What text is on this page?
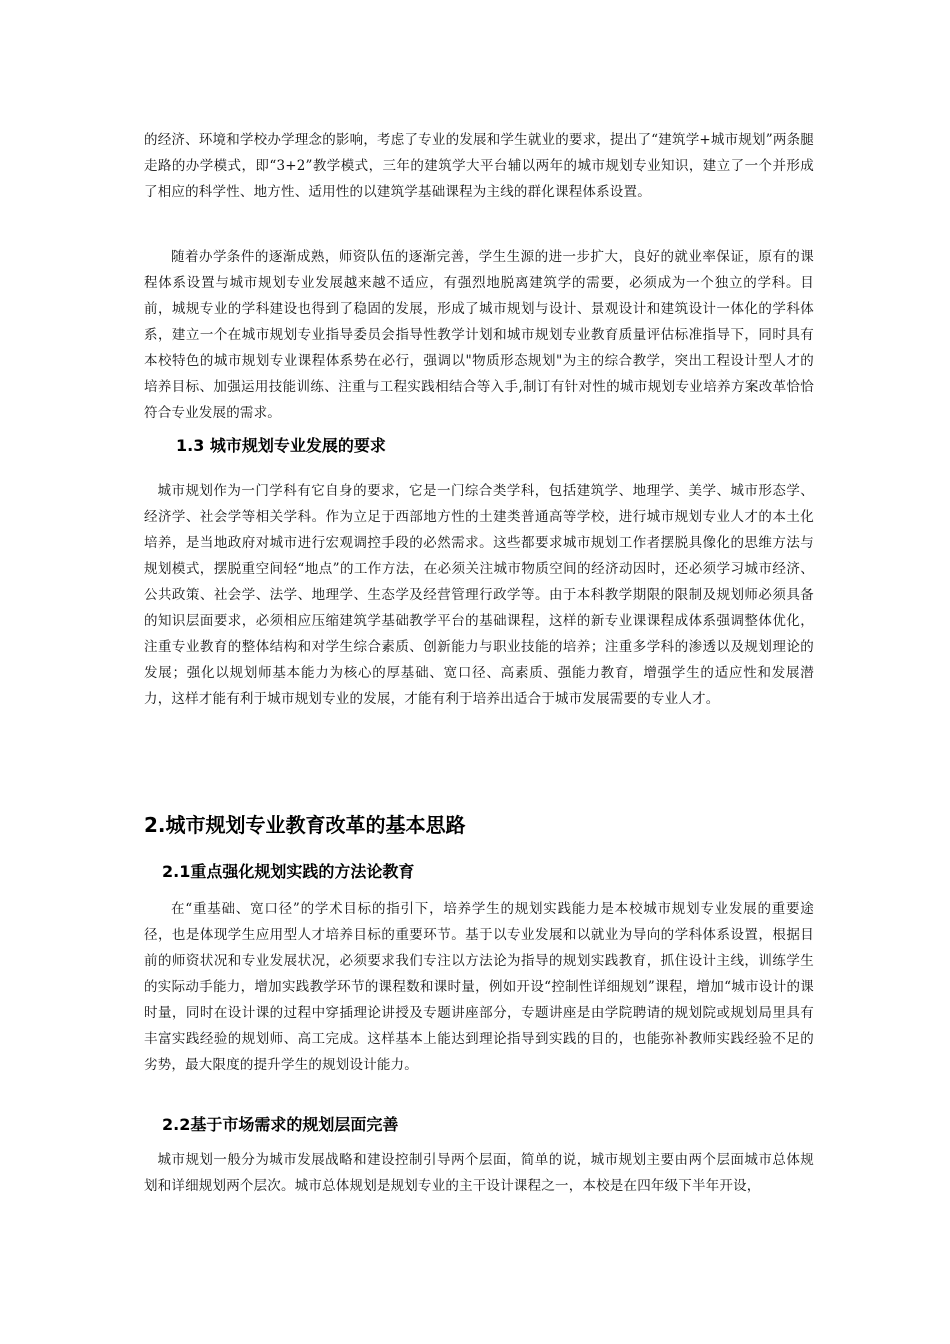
的经济、环境和学校办学理念的影响，考虑了专业的发展和学生就业的要求，提出了“建筑学+城市规划”两条腿走路的办学模式，即“3+2”教学模式，三年的建筑学大平台辅以两年的城市规划专业知识，建立了一个并形成了相应的科学性、地方性、适用性的以建筑学基础课程为主线的群化课程体系设置。

随着办学条件的逐渐成熟，师资队伍的逐渐完善，学生生源的进一步扩大，良好的就业率保证，原有的课程体系设置与城市规划专业发展越来越不适应，有强烈地脱离建筑学的需要，必须成为一个独立的学科。目前，城规专业的学科建设也得到了稳固的发展，形成了城市规划与设计、景观设计和建筑设计一体化的学科体系，建立一个在城市规划专业指导委员会指导性教学计划和城市规划专业教育质量评估标准指导下，同时具有本校特色的城市规划专业课程体系势在必行，强调以"物质形态规划"为主的综合教学，突出工程设计型人才的培养目标、加强运用技能训练、注重与工程实践相结合等入手,制订有针对性的城市规划专业培养方案改革恰恰符合专业发展的需求。

1.3 城市规划专业发展的要求

城市规划作为一门学科有它自身的要求，它是一门综合类学科，包括建筑学、地理学、美学、城市形态学、经济学、社会学等相关学科。作为立足于西部地方性的土建类普通高等学校，进行城市规划专业人才的本土化培养，是当地政府对城市进行宏观调控手段的必然需求。这些都要求城市规划工作者摆脱具像化的思维方法与规划模式，摆脱重空间轻“地点”的工作方法，在必须关注城市物质空间的经济动因时，还必须学习城市经济、公共政策、社会学、法学、地理学、生态学及经营管理行政学等。由于本科教学期限的限制及规划师必须具备的知识层面要求，必须相应压缩建筑学基础教学平台的基础课程，这样的新专业课课程成体系强调整体优化，注重专业教育的整体结构和对学生综合素质、创新能力与职业技能的培养；注重多学科的渗透以及规划理论的发展；强化以规划师基本能力为核心的厚基础、宽口径、高素质、强能力教育，增强学生的适应性和发展潜力，这样才能有利于城市规划专业的发展，才能有利于培养出适合于城市发展需要的专业人才。

2.城市规划专业教育改革的基本思路
2.1重点强化规划实践的方法论教育

在“重基础、宽口径”的学术目标的指引下，培养学生的规划实践能力是本校城市规划专业发展的重要途径，也是体现学生应用型人才培养目标的重要环节。基于以专业发展和以就业为导向的学科体系设置，根据目前的师资状况和专业发展状况，必须要求我们专注以方法论为指导的规划实践教育，抓住设计主线，训练学生的实际动手能力，增加实践教学环节的课程数和课时量，例如开设“控制性详细规划”课程，增加“城市设计的课时量，同时在设计课的过程中穿插理论讲授及专题讲座部分，专题讲座是由学院聘请的规划院或规划局里具有丰富实践经验的规划师、高工完成。这样基本上能达到理论指导到实践的目的，也能弥补教师实践经验不足的劣势，最大限度的提升学生的规划设计能力。

2.2基于市场需求的规划层面完善

城市规划一般分为城市发展战略和建设控制引导两个层面，简单的说，城市规划主要由两个层面城市总体规划和详细规划两个层次。城市总体规划是规划专业的主干设计课程之一，本校是在四年级下半年开设，
